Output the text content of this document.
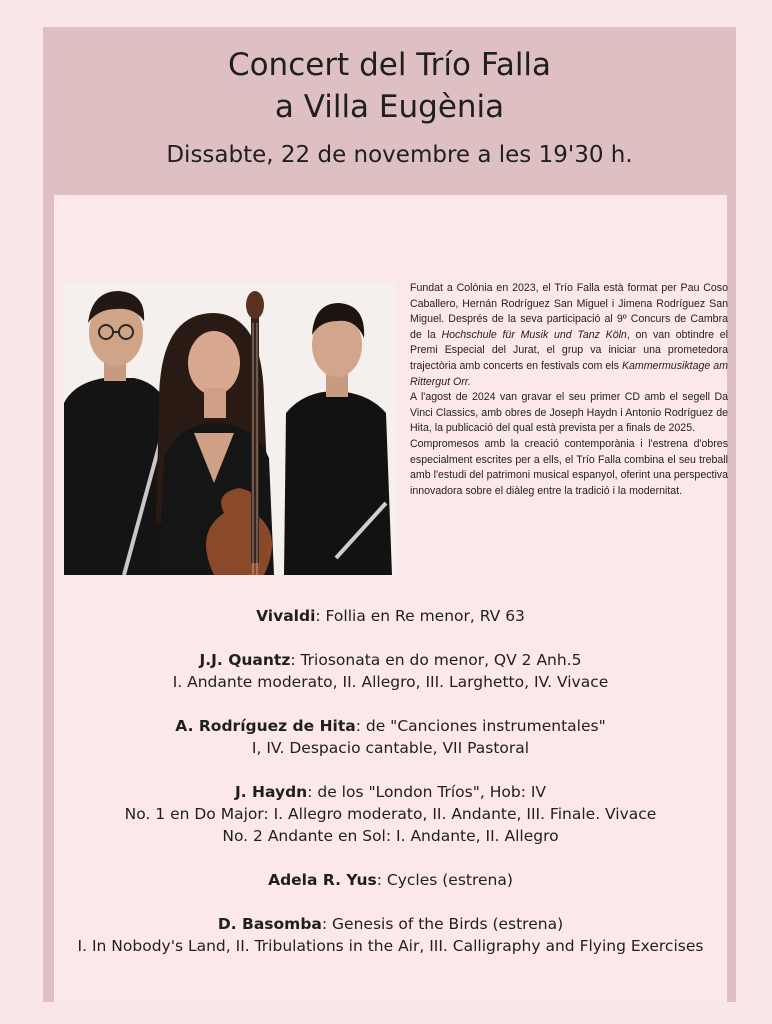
Concert del Trío Falla
a Villa Eugènia
Dissabte, 22 de novembre a les 19'30 h.

Fundat a Colònia en 2023, el Trío Falla està format per Pau Coso Caballero, Hernán Rodríguez San Miguel i Jimena Rodríguez San Miguel. Després de la seva participació al 9º Concurs de Cambra de la Hochschule für Musik und Tanz Köln, on van obtindre el Premi Especial del Jurat, el grup va iniciar una prometedora trajectòria amb concerts en festivals com els Kammermusiktage am Rittergut Orr.

A l'agost de 2024 van gravar el seu primer CD amb el segell Da Vinci Classics, amb obres de Joseph Haydn i Antonio Rodríguez de Hita, la publicació del qual està prevista per a finals de 2025.

Compromesos amb la creació contemporània i l'estrena d'obres especialment escrites per a ells, el Trío Falla combina el seu treball amb l'estudi del patrimoni musical espanyol, oferint una perspectiva innovadora sobre el diàleg entre la tradició i la modernitat.

Vivaldi: Follia en Re menor, RV 63
J.J. Quantz: Triosonata en do menor, QV 2 Anh.5
I. Andante moderato, II. Allegro, III. Larghetto, IV. Vivace
A. Rodríguez de Hita: de "Canciones instrumentales"
I, IV. Despacio cantable, VII Pastoral
J. Haydn: de los "London Tríos", Hob: IV
No. 1 en Do Major: I. Allegro moderato, II. Andante, III. Finale. Vivace
No. 2 Andante en Sol: I. Andante, II. Allegro
Adela R. Yus: Cycles (estrena)
D. Basomba: Genesis of the Birds (estrena)
I. In Nobody's Land, II. Tribulations in the Air, III. Calligraphy and Flying Exercises
